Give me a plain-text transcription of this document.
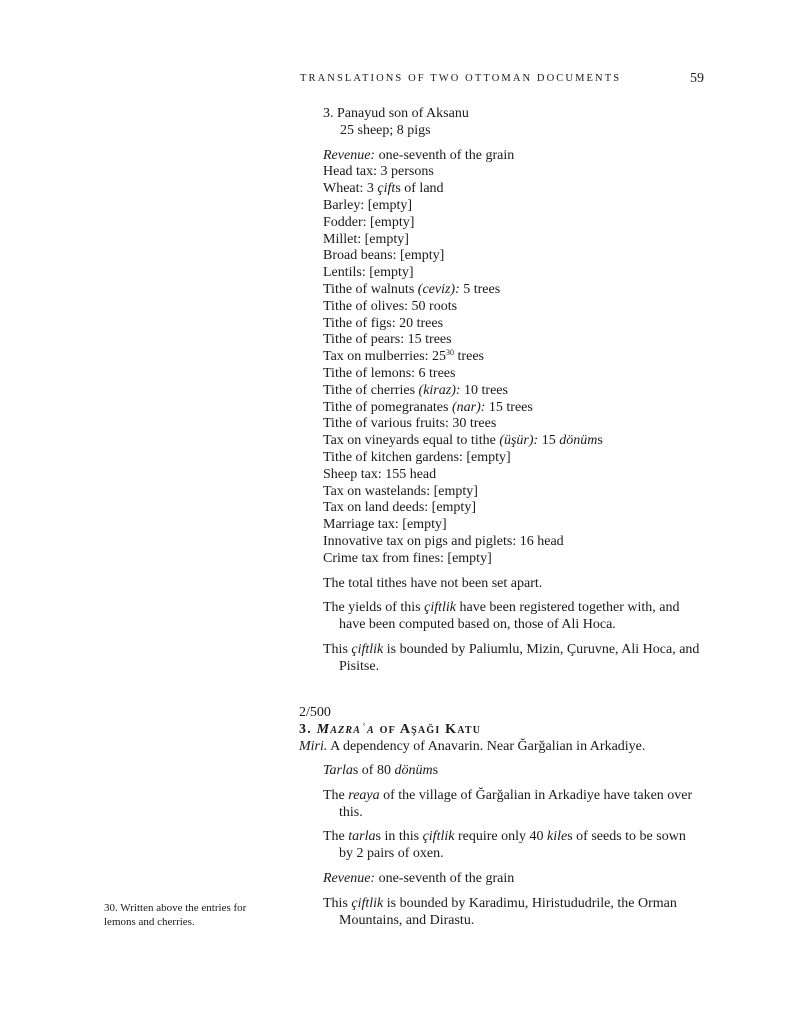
TRANSLATIONS OF TWO OTTOMAN DOCUMENTS	59
3. Panayud son of Aksanu
25 sheep; 8 pigs
Revenue: one-seventh of the grain
Head tax: 3 persons
Wheat: 3 çifts of land
Barley: [empty]
Fodder: [empty]
Millet: [empty]
Broad beans: [empty]
Lentils: [empty]
Tithe of walnuts (ceviz): 5 trees
Tithe of olives: 50 roots
Tithe of figs: 20 trees
Tithe of pears: 15 trees
Tax on mulberries: $25^{30}$ trees
Tithe of lemons: 6 trees
Tithe of cherries (kiraz): 10 trees
Tithe of pomegranates (nar): 15 trees
Tithe of various fruits: 30 trees
Tax on vineyards equal to tithe (üşür): 15 dönüms
Tithe of kitchen gardens: [empty]
Sheep tax: 155 head
Tax on wastelands: [empty]
Tax on land deeds: [empty]
Marriage tax: [empty]
Innovative tax on pigs and piglets: 16 head
Crime tax from fines: [empty]
The total tithes have not been set apart.
The yields of this çiftlik have been registered together with, and have been computed based on, those of Ali Hoca.
This çiftlik is bounded by Paliumlu, Mizin, Çuruvne, Ali Hoca, and Pisitse.
2/500
3. Mazraʿa of Aşaği Katu
Miri. A dependency of Anavarin. Near Ğarğalian in Arkadiye.
Tarlas of 80 dönüms
The reaya of the village of Ğarğalian in Arkadiye have taken over this.
The tarlas in this çiftlik require only 40 kiles of seeds to be sown by 2 pairs of oxen.
Revenue: one-seventh of the grain
This çiftlik is bounded by Karadimu, Hiristududrile, the Orman Mountains, and Dirastu.
30. Written above the entries for lemons and cherries.
